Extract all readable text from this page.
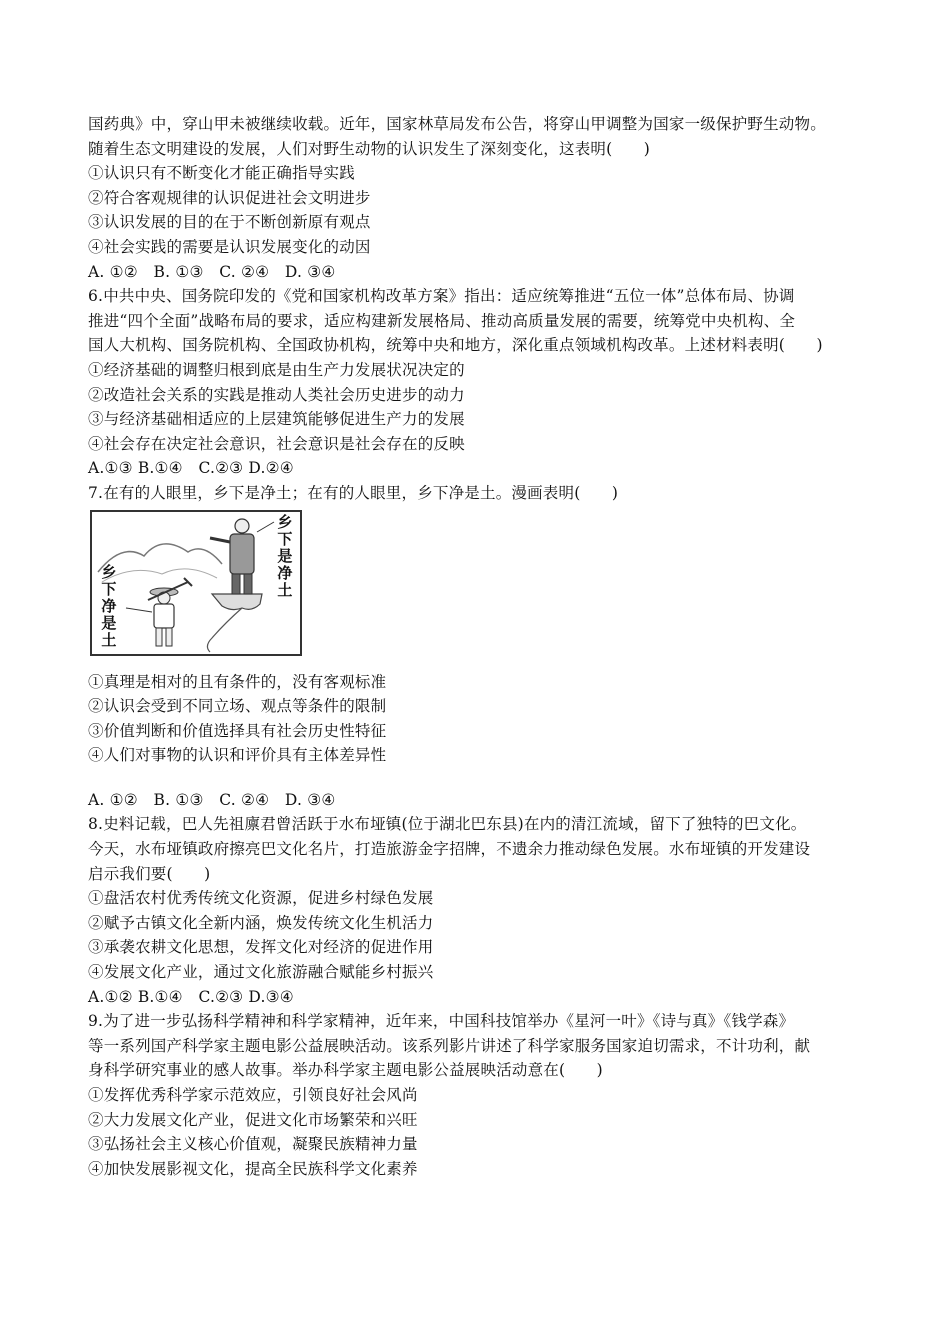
国药典》中，穿山甲未被继续收载。近年，国家林草局发布公告，将穿山甲调整为国家一级保护野生动物。
随着生态文明建设的发展，人们对野生动物的认识发生了深刻变化，这表明(　　)
①认识只有不断变化才能正确指导实践
②符合客观规律的认识促进社会文明进步
③认识发展的目的在于不断创新原有观点
④社会实践的需要是认识发展变化的动因
A. ①②　B. ①③　C. ②④　D. ③④
6.中共中央、国务院印发的《党和国家机构改革方案》指出：适应统筹推进“五位一体”总体布局、协调
推进“四个全面”战略布局的要求，适应构建新发展格局、推动高质量发展的需要，统筹党中央机构、全
国人大机构、国务院机构、全国政协机构，统筹中央和地方，深化重点领域机构改革。上述材料表明(　　)
①经济基础的调整归根到底是由生产力发展状况决定的
②改造社会关系的实践是推动人类社会历史进步的动力
③与经济基础相适应的上层建筑能够促进生产力的发展
④社会存在决定社会意识，社会意识是社会存在的反映
A.①③ B.①④　C.②③ D.②④
7.在有的人眼里，乡下是净土；在有的人眼里，乡下净是土。漫画表明(　　)
乡下是净土
乡下净是土
①真理是相对的且有条件的，没有客观标准
②认识会受到不同立场、观点等条件的限制
③价值判断和价值选择具有社会历史性特征
④人们对事物的认识和评价具有主体差异性
A. ①②　B. ①③　C. ②④　D. ③④
8.史料记载，巴人先祖廪君曾活跃于水布垭镇(位于湖北巴东县)在内的清江流域，留下了独特的巴文化。
今天，水布垭镇政府擦亮巴文化名片，打造旅游金字招牌，不遗余力推动绿色发展。水布垭镇的开发建设
启示我们要(　　)
①盘活农村优秀传统文化资源，促进乡村绿色发展
②赋予古镇文化全新内涵，焕发传统文化生机活力
③承袭农耕文化思想，发挥文化对经济的促进作用
④发展文化产业，通过文化旅游融合赋能乡村振兴
A.①② B.①④　C.②③ D.③④
9.为了进一步弘扬科学精神和科学家精神，近年来，中国科技馆举办《星河一叶》《诗与真》《钱学森》
等一系列国产科学家主题电影公益展映活动。该系列影片讲述了科学家服务国家迫切需求，不计功利，献
身科学研究事业的感人故事。举办科学家主题电影公益展映活动意在(　　)
①发挥优秀科学家示范效应，引领良好社会风尚
②大力发展文化产业，促进文化市场繁荣和兴旺
③弘扬社会主义核心价值观，凝聚民族精神力量
④加快发展影视文化，提高全民族科学文化素养
